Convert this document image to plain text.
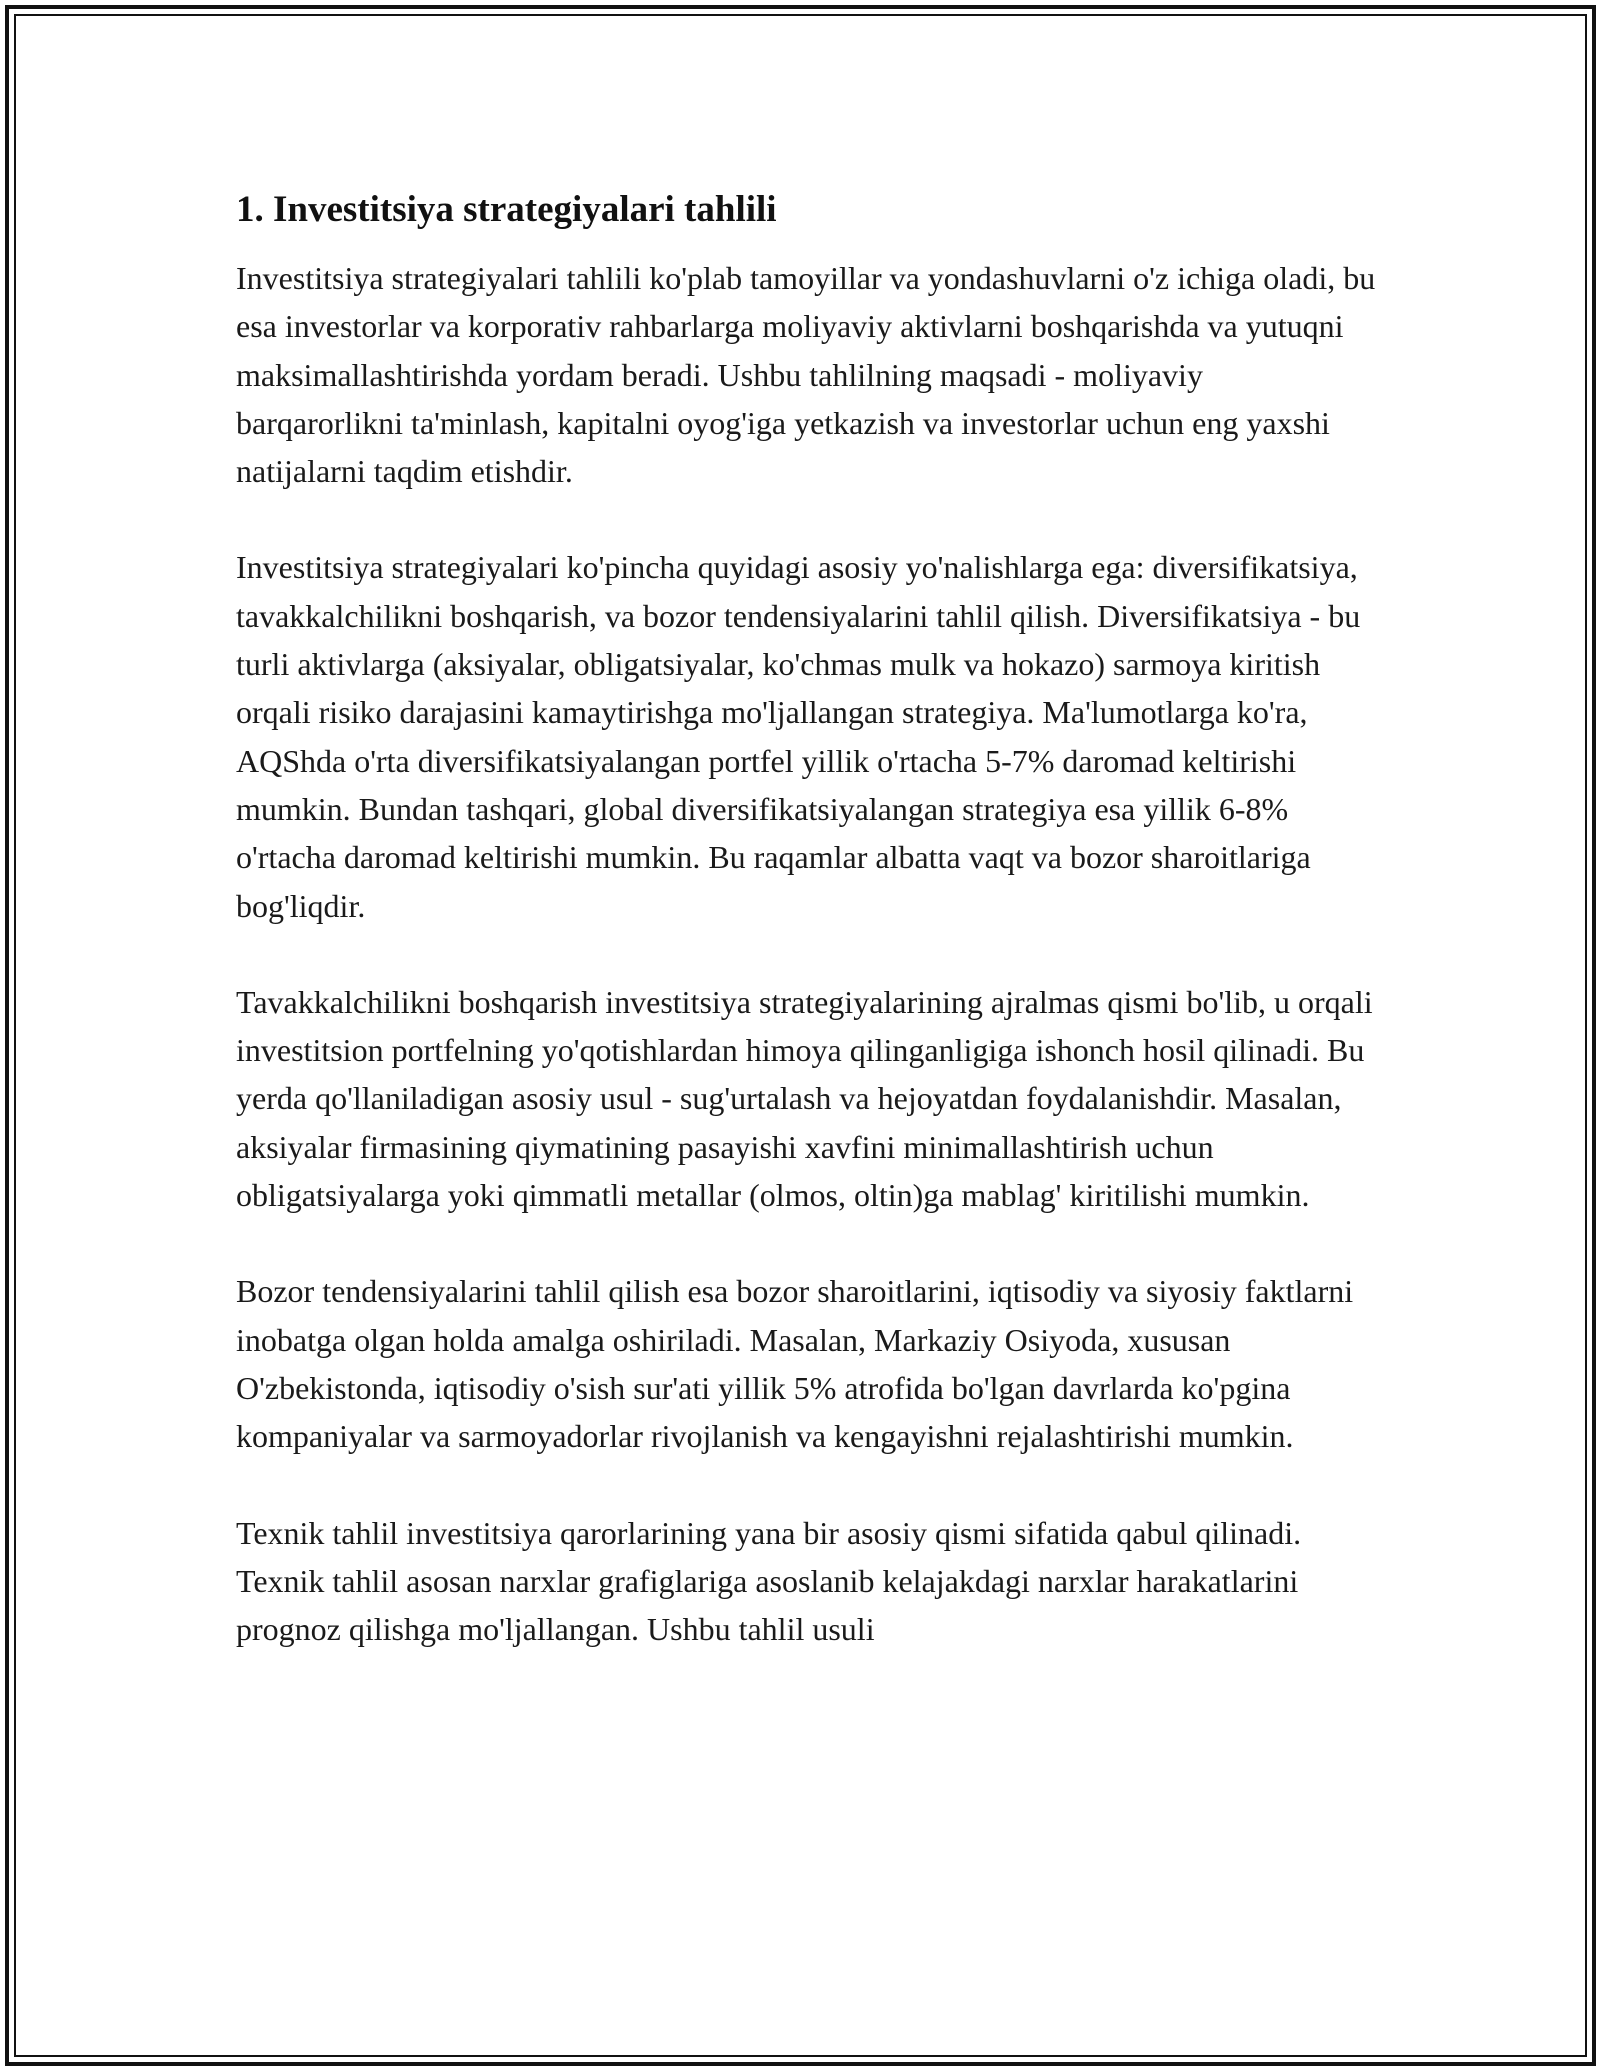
1. Investitsiya strategiyalari tahlili

Investitsiya strategiyalari tahlili ko'plab tamoyillar va yondashuvlarni o'z ichiga oladi, bu esa investorlar va korporativ rahbarlarga moliyaviy aktivlarni boshqarishda va yutuqni maksimallashtirishda yordam beradi. Ushbu tahlilning maqsadi - moliyaviy barqarorlikni ta'minlash, kapitalni oyog'iga yetkazish va investorlar uchun eng yaxshi natijalarni taqdim etishdir.

Investitsiya strategiyalari ko'pincha quyidagi asosiy yo'nalishlarga ega: diversifikatsiya, tavakkalchilikni boshqarish, va bozor tendensiyalarini tahlil qilish. Diversifikatsiya - bu turli aktivlarga (aksiyalar, obligatsiyalar, ko'chmas mulk va hokazo) sarmoya kiritish orqali risiko darajasini kamaytirishga mo'ljallangan strategiya. Ma'lumotlarga ko'ra, AQShda o'rta diversifikatsiyalangan portfel yillik o'rtacha 5-7% daromad keltirishi mumkin. Bundan tashqari, global diversifikatsiyalangan strategiya esa yillik 6-8% o'rtacha daromad keltirishi mumkin. Bu raqamlar albatta vaqt va bozor sharoitlariga bog'liqdir.

Tavakkalchilikni boshqarish investitsiya strategiyalarining ajralmas qismi bo'lib, u orqali investitsion portfelning yo'qotishlardan himoya qilinganligiga ishonch hosil qilinadi. Bu yerda qo'llaniladigan asosiy usul - sug'urtalash va hejoyatdan foydalanishdir. Masalan, aksiyalar firmasining qiymatining pasayishi xavfini minimallashtirish uchun obligatsiyalarga yoki qimmatli metallar (olmos, oltin)ga mablag' kiritilishi mumkin.

Bozor tendensiyalarini tahlil qilish esa bozor sharoitlarini, iqtisodiy va siyosiy faktlarni inobatga olgan holda amalga oshiriladi. Masalan, Markaziy Osiyoda, xususan O'zbekistonda, iqtisodiy o'sish sur'ati yillik 5% atrofida bo'lgan davrlarda ko'pgina kompaniyalar va sarmoyadorlar rivojlanish va kengayishni rejalashtirishi mumkin.

Texnik tahlil investitsiya qarorlarining yana bir asosiy qismi sifatida qabul qilinadi. Texnik tahlil asosan narxlar grafiglariga asoslanib kelajakdagi narxlar harakatlarini prognoz qilishga mo'ljallangan. Ushbu tahlil usuli
